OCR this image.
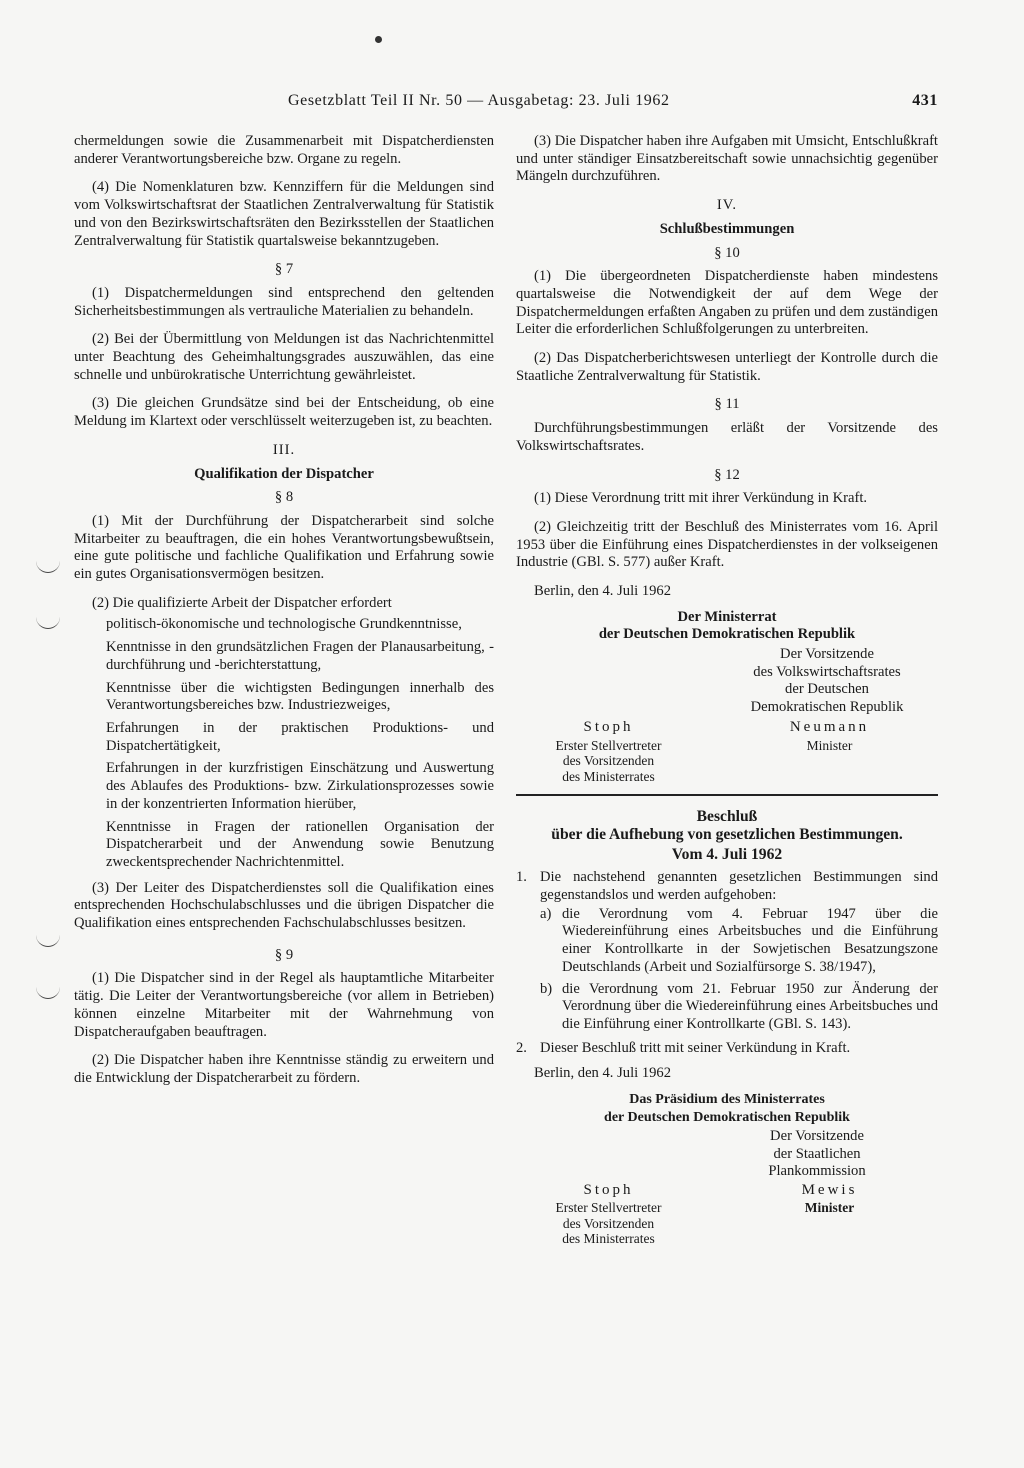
Gesetzblatt Teil II Nr. 50 — Ausgabetag: 23. Juli 1962	431

chermeldungen sowie die Zusammenarbeit mit Dispatcherdiensten anderer Verantwortungsbereiche bzw. Organe zu regeln.

(4) Die Nomenklaturen bzw. Kennziffern für die Meldungen sind vom Volkswirtschaftsrat der Staatlichen Zentralverwaltung für Statistik und von den Bezirkswirtschaftsräten den Bezirksstellen der Staatlichen Zentralverwaltung für Statistik quartalsweise bekanntzugeben.

§ 7

(1) Dispatchermeldungen sind entsprechend den geltenden Sicherheitsbestimmungen als vertrauliche Materialien zu behandeln.

(2) Bei der Übermittlung von Meldungen ist das Nachrichtenmittel unter Beachtung des Geheimhaltungsgrades auszuwählen, das eine schnelle und unbürokratische Unterrichtung gewährleistet.

(3) Die gleichen Grundsätze sind bei der Entscheidung, ob eine Meldung im Klartext oder verschlüsselt weiterzugeben ist, zu beachten.

III.

Qualifikation der Dispatcher

§ 8

(1) Mit der Durchführung der Dispatcherarbeit sind solche Mitarbeiter zu beauftragen, die ein hohes Verantwortungsbewußtsein, eine gute politische und fachliche Qualifikation und Erfahrung sowie ein gutes Organisationsvermögen besitzen.

(2) Die qualifizierte Arbeit der Dispatcher erfordert

politisch-ökonomische und technologische Grundkenntnisse,
Kenntnisse in den grundsätzlichen Fragen der Planausarbeitung, -durchführung und -berichterstattung,
Kenntnisse über die wichtigsten Bedingungen innerhalb des Verantwortungsbereiches bzw. Industriezweiges,
Erfahrungen in der praktischen Produktions- und Dispatchertätigkeit,
Erfahrungen in der kurzfristigen Einschätzung und Auswertung des Ablaufes des Produktions- bzw. Zirkulationsprozesses sowie in der konzentrierten Information hierüber,
Kenntnisse in Fragen der rationellen Organisation der Dispatcherarbeit und der Anwendung sowie Benutzung zweckentsprechender Nachrichtenmittel.

(3) Der Leiter des Dispatcherdienstes soll die Qualifikation eines entsprechenden Hochschulabschlusses und die übrigen Dispatcher die Qualifikation eines entsprechenden Fachschulabschlusses besitzen.

§ 9

(1) Die Dispatcher sind in der Regel als hauptamtliche Mitarbeiter tätig. Die Leiter der Verantwortungsbereiche (vor allem in Betrieben) können einzelne Mitarbeiter mit der Wahrnehmung von Dispatcheraufgaben beauftragen.

(2) Die Dispatcher haben ihre Kenntnisse ständig zu erweitern und die Entwicklung der Dispatcherarbeit zu fördern.

(3) Die Dispatcher haben ihre Aufgaben mit Umsicht, Entschlußkraft und unter ständiger Einsatzbereitschaft sowie unnachsichtig gegenüber Mängeln durchzuführen.

IV.

Schlußbestimmungen

§ 10

(1) Die übergeordneten Dispatcherdienste haben mindestens quartalsweise die Notwendigkeit der auf dem Wege der Dispatchermeldungen erfaßten Angaben zu prüfen und dem zuständigen Leiter die erforderlichen Schlußfolgerungen zu unterbreiten.

(2) Das Dispatcherberichtswesen unterliegt der Kontrolle durch die Staatliche Zentralverwaltung für Statistik.

§ 11

Durchführungsbestimmungen erläßt der Vorsitzende des Volkswirtschaftsrates.

§ 12

(1) Diese Verordnung tritt mit ihrer Verkündung in Kraft.

(2) Gleichzeitig tritt der Beschluß des Ministerrates vom 16. April 1953 über die Einführung eines Dispatcherdienstes in der volkseigenen Industrie (GBl. S. 577) außer Kraft.

Berlin, den 4. Juli 1962

Der Ministerrat
der Deutschen Demokratischen Republik
Der Vorsitzende
des Volkswirtschaftsrates
der Deutschen
Demokratischen Republik
Stoph
Erster Stellvertreter
des Vorsitzenden
des Ministerrates
Neumann
Minister

Beschluß

über die Aufhebung von gesetzlichen Bestimmungen.

Vom 4. Juli 1962

1. Die nachstehend genannten gesetzlichen Bestimmungen sind gegenstandslos und werden aufgehoben:
a) die Verordnung vom 4. Februar 1947 über die Wiedereinführung eines Arbeitsbuches und die Einführung einer Kontrollkarte in der Sowjetischen Besatzungszone Deutschlands (Arbeit und Sozialfürsorge S. 38/1947),
b) die Verordnung vom 21. Februar 1950 zur Änderung der Verordnung über die Wiedereinführung eines Arbeitsbuches und die Einführung einer Kontrollkarte (GBl. S. 143).
2. Dieser Beschluß tritt mit seiner Verkündung in Kraft.

Berlin, den 4. Juli 1962

Das Präsidium des Ministerrates
der Deutschen Demokratischen Republik
Der Vorsitzende
der Staatlichen
Plankommission
Stoph
Erster Stellvertreter
des Vorsitzenden
des Ministerrates
Mewis
Minister
